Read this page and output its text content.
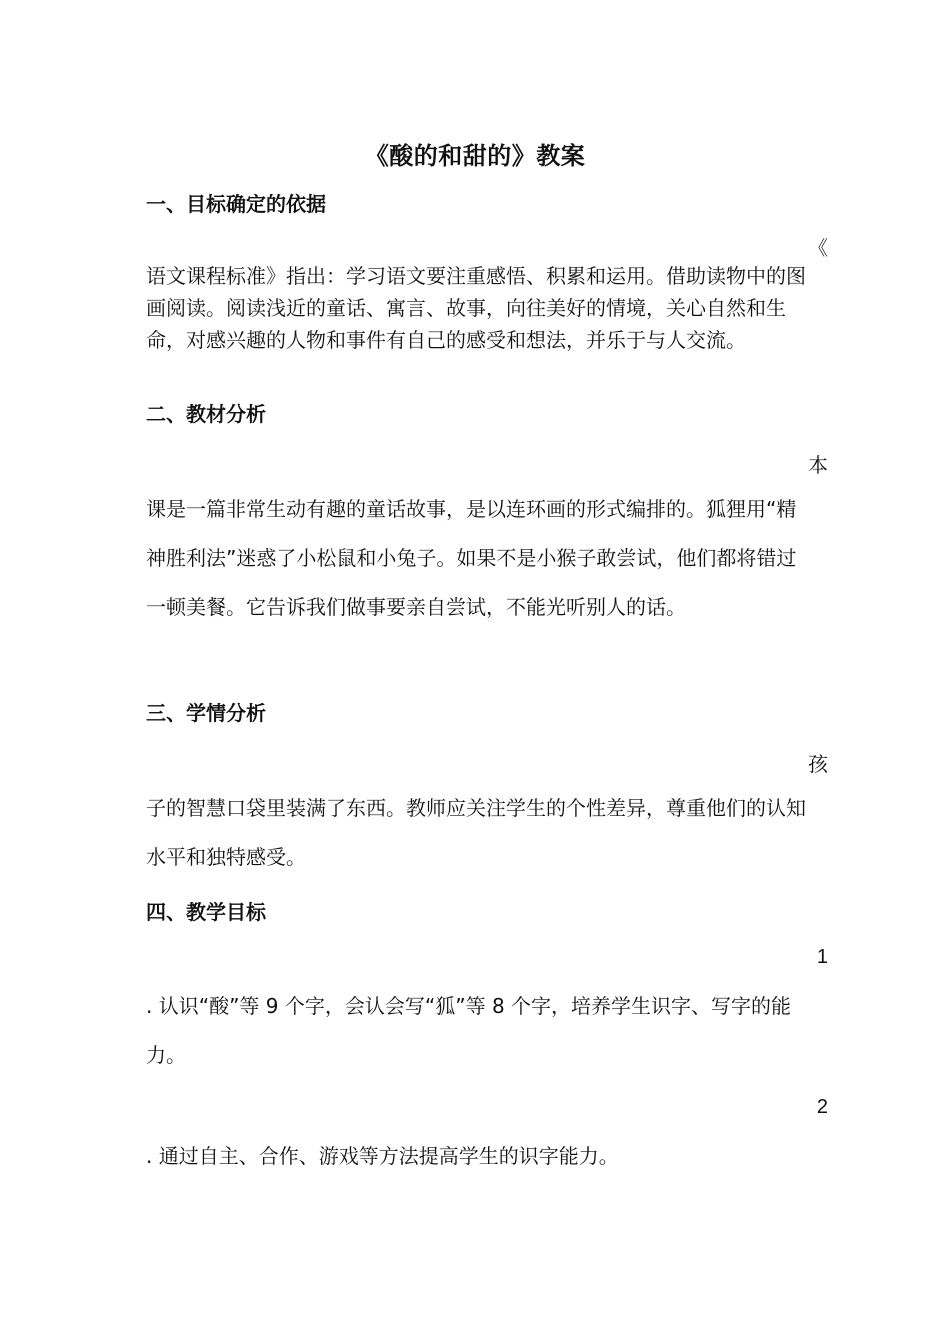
《酸的和甜的》教案
一、目标确定的依据
《

语文课程标准》指出：学习语文要注重感悟、积累和运用。借助读物中的图画阅读。阅读浅近的童话、寓言、故事，向往美好的情境，关心自然和生命，对感兴趣的人物和事件有自己的感受和想法，并乐于与人交流。

二、教材分析
本

课是一篇非常生动有趣的童话故事，是以连环画的形式编排的。狐狸用“精神胜利法”迷惑了小松鼠和小兔子。如果不是小猴子敢尝试，他们都将错过一顿美餐。它告诉我们做事要亲自尝试，不能光听别人的话。

三、学情分析
孩

子的智慧口袋里装满了东西。教师应关注学生的个性差异，尊重他们的认知水平和独特感受。

四、教学目标
1

. 认识“酸”等 9 个字，会认会写“狐”等 8 个字，培养学生识字、写字的能力。

2

. 通过自主、合作、游戏等方法提高学生的识字能力。
